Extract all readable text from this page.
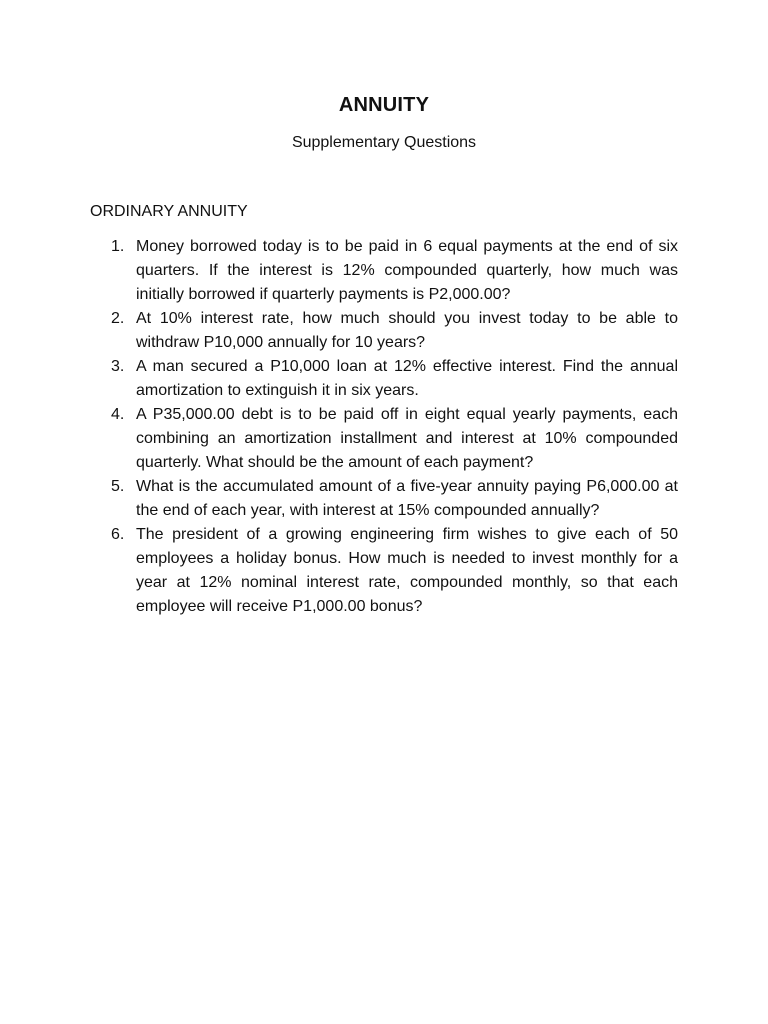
ANNUITY

Supplementary Questions

ORDINARY ANNUITY

1. Money borrowed today is to be paid in 6 equal payments at the end of six quarters. If the interest is 12% compounded quarterly, how much was initially borrowed if quarterly payments is P2,000.00?
2. At 10% interest rate, how much should you invest today to be able to withdraw P10,000 annually for 10 years?
3. A man secured a P10,000 loan at 12% effective interest. Find the annual amortization to extinguish it in six years.
4. A P35,000.00 debt is to be paid off in eight equal yearly payments, each combining an amortization installment and interest at 10% compounded quarterly. What should be the amount of each payment?
5. What is the accumulated amount of a five-year annuity paying P6,000.00 at the end of each year, with interest at 15% compounded annually?
6. The president of a growing engineering firm wishes to give each of 50 employees a holiday bonus. How much is needed to invest monthly for a year at 12% nominal interest rate, compounded monthly, so that each employee will receive P1,000.00 bonus?
